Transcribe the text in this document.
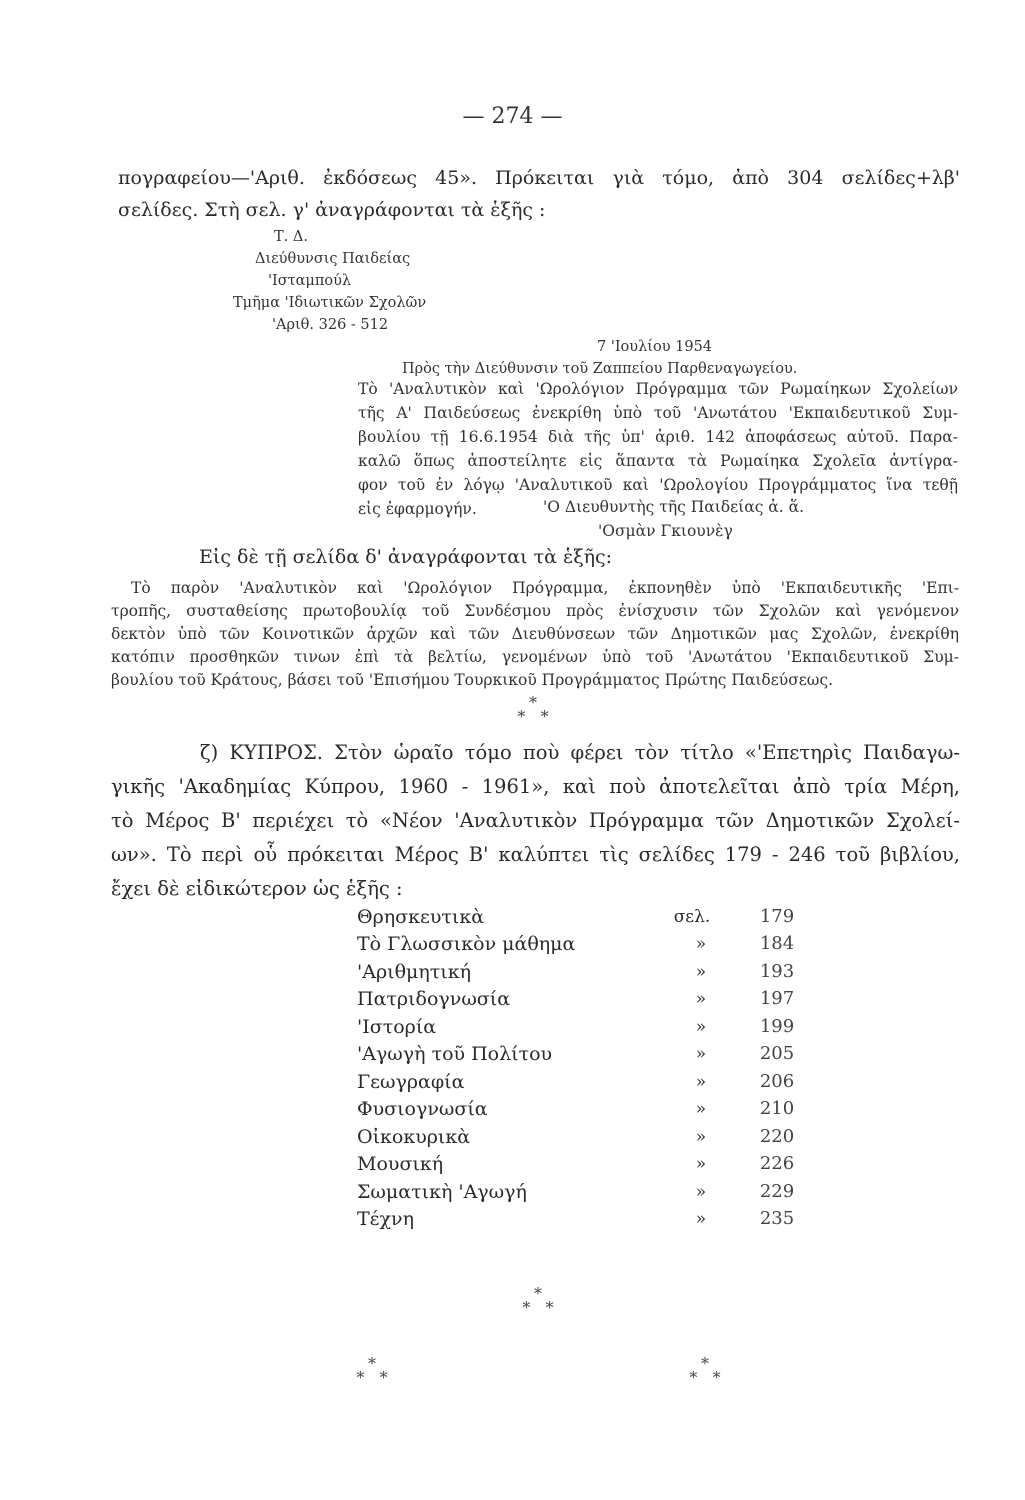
— 274 —
πογραφείου—'Αριθ. ἐκδόσεως 45». Πρόκειται γιὰ τόμο, ἀπὸ 304 σελίδες+λβ'
σελίδες. Στὴ σελ. γ' ἀναγράφονται τὰ ἑξῆς :
Τ. Δ.
Διεύθυνσις Παιδείας
'Ισταμπούλ
Τμῆμα 'Ιδιωτικῶν Σχολῶν
'Αριθ. 326 - 512
7 'Ιουλίου 1954
Πρὸς τὴν Διεύθυνσιν τοῦ Ζαππείου Παρθεναγωγείου.
Τὸ 'Αναλυτικὸν καὶ 'Ωρολόγιον Πρόγραμμα τῶν Ρωμαίηκων Σχολείων
τῆς Α' Παιδεύσεως ἐνεκρίθη ὑπὸ τοῦ 'Ανωτάτου 'Εκπαιδευτικοῦ Συμ-
βουλίου τῇ 16.6.1954 διὰ τῆς ὑπ' ἀριθ. 142 ἀποφάσεως αὐτοῦ. Παρα-
καλῶ ὅπως ἀποστείλητε εἰς ἅπαντα τὰ Ρωμαίηκα Σχολεῖα ἀντίγρα-
φον τοῦ ἐν λόγῳ 'Αναλυτικοῦ καὶ 'Ωρολογίου Προγράμματος ἵνα τεθῇ
εἰς ἐφαρμογήν.	'Ο Διευθυντὴς τῆς Παιδείας ἁ. ἅ.
'Οσμὰν Γκιουνὲγ
Εἰς δὲ τῇ σελίδα δ' ἀναγράφονται τὰ ἑξῆς:
Τὸ παρὸν 'Αναλυτικὸν καὶ 'Ωρολόγιον Πρόγραμμα, ἐκπονηθὲν ὑπὸ 'Εκπαιδευτικῆς 'Επι-
τροπῆς, συσταθείσης πρωτοβουλίᾳ τοῦ Συνδέσμου πρὸς ἐνίσχυσιν τῶν Σχολῶν καὶ γενόμενον
δεκτὸν ὑπὸ τῶν Κοινοτικῶν ἀρχῶν καὶ τῶν Διευθύνσεων τῶν Δημοτικῶν μας Σχολῶν, ἐνεκρίθη
κατόπιν προσθηκῶν τινων ἐπὶ τὰ βελτίω, γενομένων ὑπὸ τοῦ 'Ανωτάτου 'Εκπαιδευτικοῦ Συμ-
βουλίου τοῦ Κράτους, βάσει τοῦ 'Επισήμου Τουρκικοῦ Προγράμματος Πρώτης Παιδεύσεως.
*
* *
ζ) ΚΥΠΡΟΣ. Στὸν ὡραῖο τόμο ποὺ φέρει τὸν τίτλο «'Επετηρὶς Παιδαγω-
γικῆς 'Ακαδημίας Κύπρου, 1960 - 1961», καὶ ποὺ ἀποτελεῖται ἀπὸ τρία Μέρη,
τὸ Μέρος Β' περιέχει τὸ «Νέον 'Αναλυτικὸν Πρόγραμμα τῶν Δημοτικῶν Σχολεί-
ων». Τὸ περὶ οὗ πρόκειται Μέρος Β' καλύπτει τὶς σελίδες 179 - 246 τοῦ βιβλίου,
ἔχει δὲ εἰδικώτερον ὡς ἑξῆς :
Θρησκευτικὰ	σελ.	179
Τὸ Γλωσσικὸν μάθημα	»	184
'Αριθμητική	»	193
Πατριδογνωσία	»	197
'Ιστορία	»	199
'Αγωγὴ τοῦ Πολίτου	»	205
Γεωγραφία	»	206
Φυσιογνωσία	»	210
Οἰκοκυρικὰ	»	220
Μουσική	»	226
Σωματικὴ 'Αγωγή	»	229
Τέχνη	»	235
*
* *
*
* *
*
* *
